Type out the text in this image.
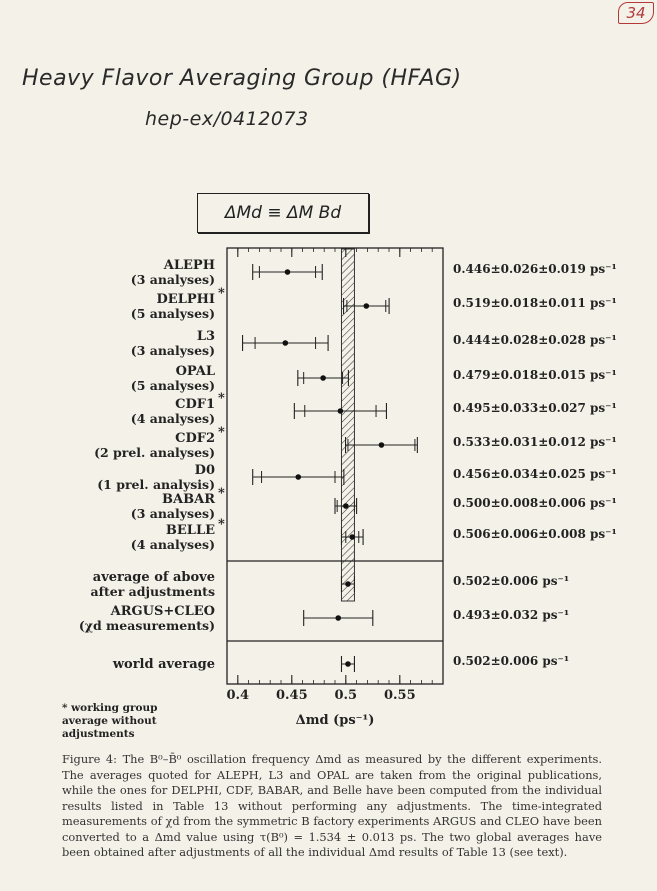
34
Heavy Flavor Averaging Group (HFAG)
hep-ex/0412073
ΔMd ≡ ΔM Bd
ALEPH
(3 analyses)
DELPHI *
(5 analyses)
L3
(3 analyses)
OPAL
(5 analyses)
CDF1 *
(4 analyses)
CDF2 *
(2 prel. analyses)
D0
(1 prel. analysis)
BABAR *
(3 analyses)
BELLE *
(4 analyses)
average of above
after adjustments
ARGUS+CLEO
(χd measurements)
world average
0.446±0.026±0.019 ps⁻¹
0.519±0.018±0.011 ps⁻¹
0.444±0.028±0.028 ps⁻¹
0.479±0.018±0.015 ps⁻¹
0.495±0.033±0.027 ps⁻¹
0.533±0.031±0.012 ps⁻¹
0.456±0.034±0.025 ps⁻¹
0.500±0.008±0.006 ps⁻¹
0.506±0.006±0.008 ps⁻¹
0.502±0.006 ps⁻¹
0.493±0.032 ps⁻¹
0.502±0.006 ps⁻¹
0.4 0.45 0.5 0.55
Δmd (ps⁻¹)
* working group average without adjustments
Figure 4: The B⁰–B̄⁰ oscillation frequency Δmd as measured by the different experiments. The averages quoted for ALEPH, L3 and OPAL are taken from the original publications, while the ones for DELPHI, CDF, BABAR, and Belle have been computed from the individual results listed in Table 13 without performing any adjustments. The time-integrated measurements of χd from the symmetric B factory experiments ARGUS and CLEO have been converted to a Δmd value using τ(B⁰) = 1.534 ± 0.013 ps. The two global averages have been obtained after adjustments of all the individual Δmd results of Table 13 (see text).
